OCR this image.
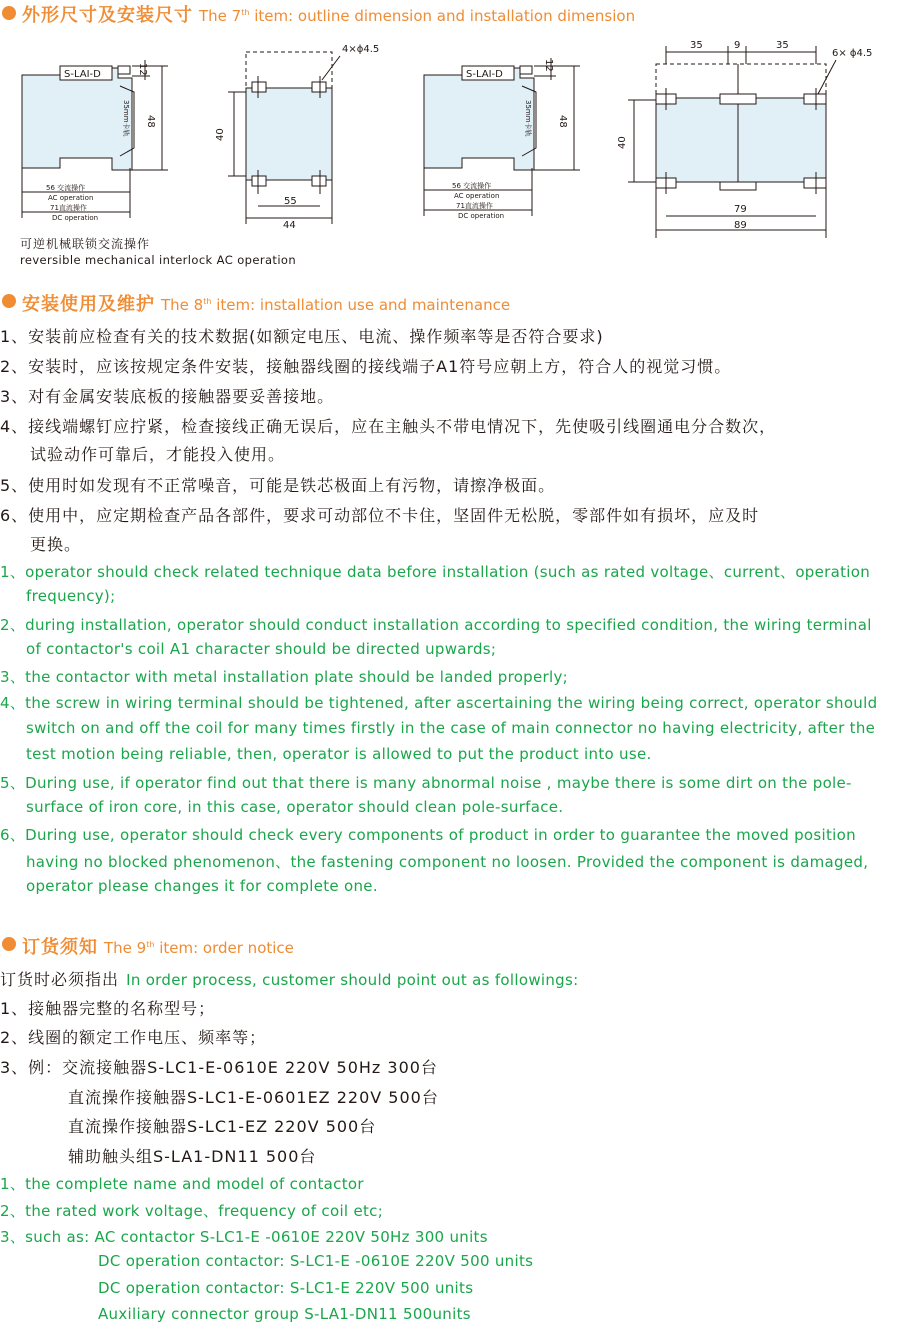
外形尺寸及安装尺寸 The 7th item: outline dimension and installation dimension
S-LAI-D
56 交流操作
AC operation
71直流操作
DC operation
12
48
35mm卡轨
4×ϕ4.5
40
55
44
S-LAI-D
56 交流操作
AC operation
71直流操作
DC operation
12
48
35mm卡轨
35	9	35
6× ϕ4.5
40
79
89
可逆机械联锁交流操作
reversible mechanical interlock AC operation
安装使用及维护 The 8th item: installation use and maintenance
1、安装前应检查有关的技术数据(如额定电压、电流、操作频率等是否符合要求)
2、安装时，应该按规定条件安装，接触器线圈的接线端子A1符号应朝上方，符合人的视觉习惯。
3、对有金属安装底板的接触器要妥善接地。
4、接线端螺钉应拧紧，检查接线正确无误后，应在主触头不带电情况下，先使吸引线圈通电分合数次，
试验动作可靠后，才能投入使用。
5、使用时如发现有不正常噪音，可能是铁芯极面上有污物，请擦净极面。
6、使用中，应定期检查产品各部件，要求可动部位不卡住，坚固件无松脱，零部件如有损坏，应及时
更换。
1、operator should check related technique data before installation (such as rated voltage、current、operation
frequency);
2、during installation, operator should conduct installation according to specified condition, the wiring terminal
of contactor's coil A1 character should be directed upwards;
3、the contactor with metal installation plate should be landed properly;
4、the screw in wiring terminal should be tightened, after ascertaining the wiring being correct, operator should
switch on and off the coil for many times firstly in the case of main connector no having electricity, after the
test motion being reliable, then, operator is allowed to put the product into use.
5、During use, if operator find out that there is many abnormal noise , maybe there is some dirt on the pole-
surface of iron core, in this case, operator should clean pole-surface.
6、During use, operator should check every components of product in order to guarantee the moved position
having no blocked phenomenon、the fastening component no loosen. Provided the component is damaged,
operator please changes it for complete one.
订货须知 The 9th item: order notice
订货时必须指出 In order process, customer should point out as followings:
1、接触器完整的名称型号；
2、线圈的额定工作电压、频率等；
3、例：交流接触器S-LC1-E-0610E 220V 50Hz 300台
直流操作接触器S-LC1-E-0601EZ 220V 500台
直流操作接触器S-LC1-EZ 220V 500台
辅助触头组S-LA1-DN11 500台
1、the complete name and model of contactor
2、the rated work voltage、frequency of coil etc;
3、such as: AC contactor S-LC1-E -0610E 220V 50Hz 300 units
DC operation contactor: S-LC1-E -0610E 220V 500 units
DC operation contactor: S-LC1-E 220V 500 units
Auxiliary connector group S-LA1-DN11 500units
